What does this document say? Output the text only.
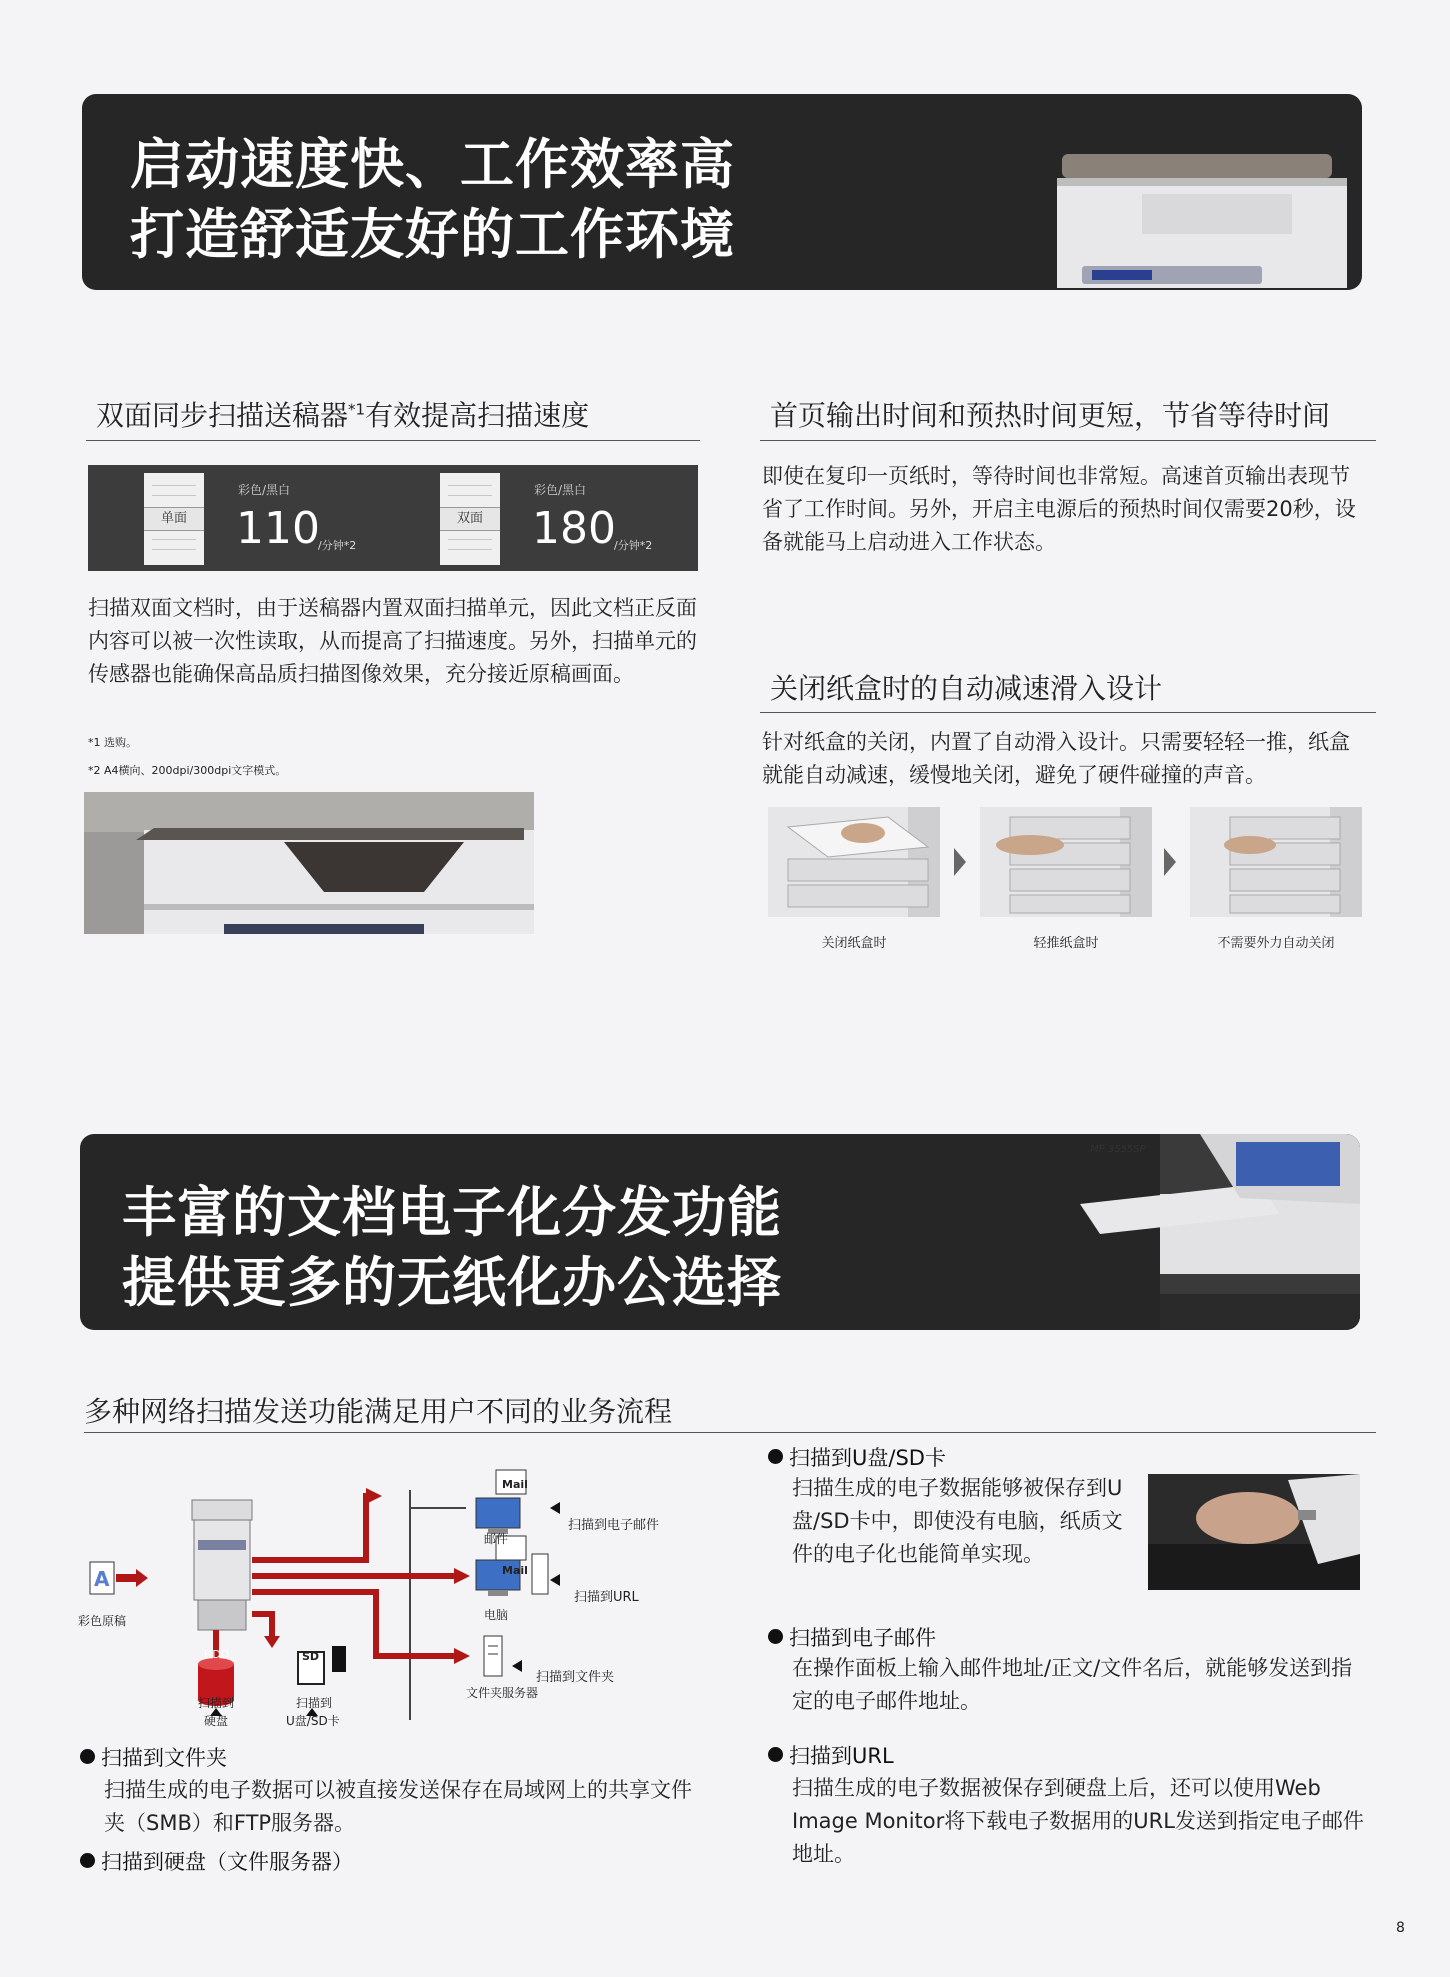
启动速度快、工作效率高
打造舒适友好的工作环境
双面同步扫描送稿器$^{*1}$有效提高扫描速度
单面
彩色/黑白
110
/分钟*2
双面
彩色/黑白
180
/分钟*2
扫描双面文档时，由于送稿器内置双面扫描单元，因此文档正反面内容可以被一次性读取，从而提高了扫描速度。另外，扫描单元的传感器也能确保高品质扫描图像效果，充分接近原稿画面。
*1 选购。
*2 A4横向、200dpi/300dpi文字模式。
首页输出时间和预热时间更短，节省等待时间
即使在复印一页纸时，等待时间也非常短。高速首页输出表现节省了工作时间。另外，开启主电源后的预热时间仅需要20秒，设备就能马上启动进入工作状态。
关闭纸盒时的自动减速滑入设计
针对纸盒的关闭，内置了自动滑入设计。只需要轻轻一推，纸盒就能自动减速，缓慢地关闭，避免了硬件碰撞的声音。
关闭纸盒时	轻推纸盒时	不需要外力自动关闭
丰富的文档电子化分发功能
提供更多的无纸化办公选择
MP 3555SP
多种网络扫描发送功能满足用户不同的业务流程
A
彩色原稿
Mail
邮件
扫描到电子邮件
Mail
电脑
扫描到URL
文件夹服务器
扫描到文件夹
HDD	SD
扫描到
硬盘
扫描到
U盘/SD卡
扫描到文件夹
扫描生成的电子数据可以被直接发送保存在局域网上的共享文件夹（SMB）和FTP服务器。
扫描到硬盘（文件服务器）
扫描到U盘/SD卡
扫描生成的电子数据能够被保存到U盘/SD卡中，即使没有电脑，纸质文件的电子化也能简单实现。
扫描到电子邮件
在操作面板上输入邮件地址/正文/文件名后，就能够发送到指定的电子邮件地址。
扫描到URL
扫描生成的电子数据被保存到硬盘上后，还可以使用Web Image Monitor将下载电子数据用的URL发送到指定电子邮件地址。
8
